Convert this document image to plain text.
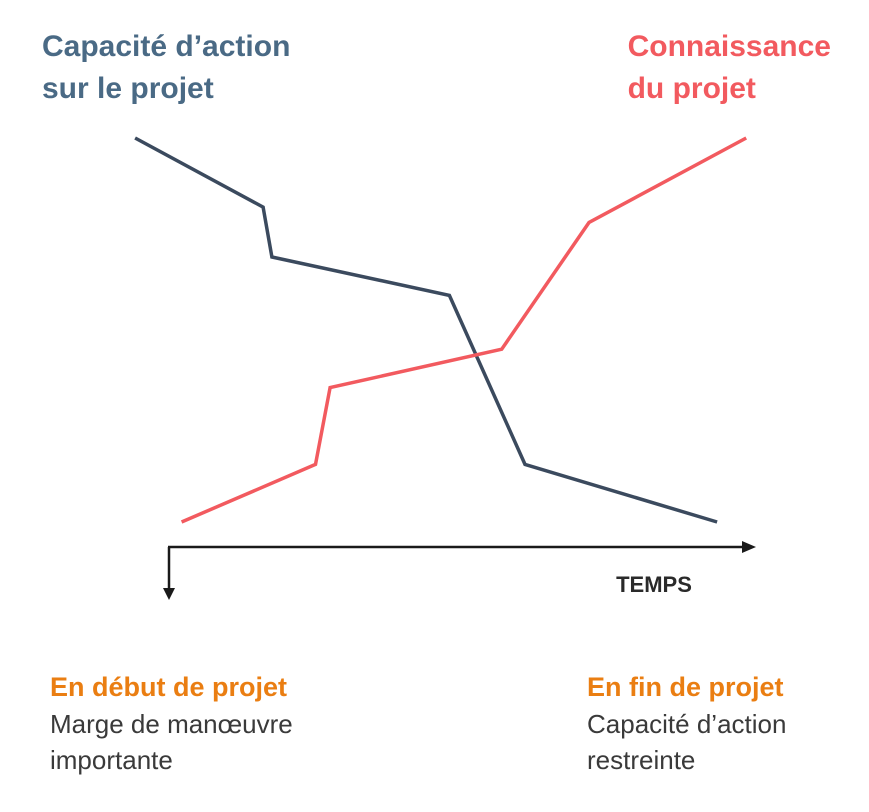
Capacité d’action
sur le projet
Connaissance
du projet
TEMPS
En début de projet
Marge de manœuvre
importante
En fin de projet
Capacité d’action
restreinte
